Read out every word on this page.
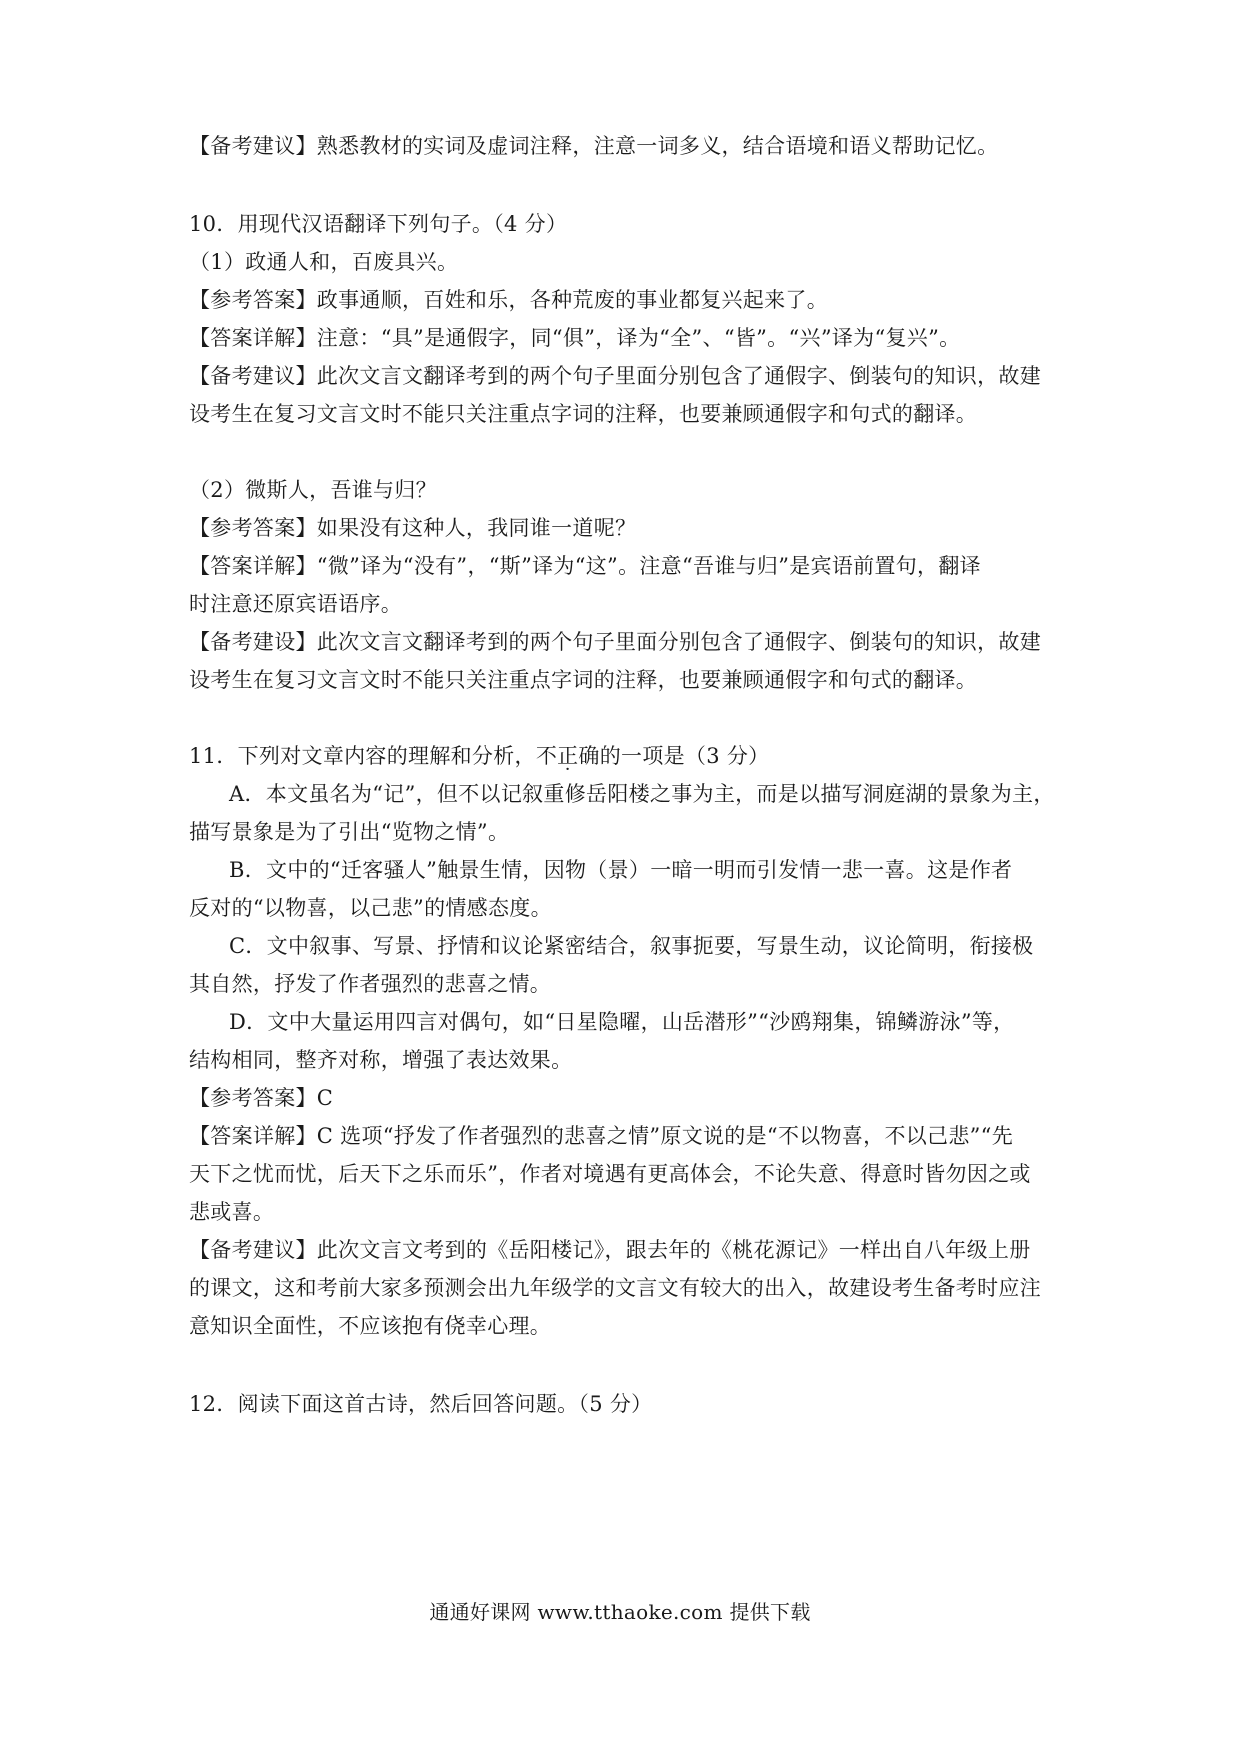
【备考建议】熟悉教材的实词及虚词注释，注意一词多义，结合语境和语义帮助记忆。
10．用现代汉语翻译下列句子。（4 分）
（1）政通人和，百废具兴。
【参考答案】政事通顺，百姓和乐，各种荒废的事业都复兴起来了。
【答案详解】注意：“具”是通假字，同“俱”，译为“全”、“皆”。“兴”译为“复兴”。
【备考建议】此次文言文翻译考到的两个句子里面分别包含了通假字、倒装句的知识，故建
设考生在复习文言文时不能只关注重点字词的注释，也要兼顾通假字和句式的翻译。
（2）微斯人，吾谁与归？
【参考答案】如果没有这种人，我同谁一道呢？
【答案详解】“微”译为“没有”，“斯”译为“这”。注意“吾谁与归”是宾语前置句，翻译
时注意还原宾语语序。
【备考建设】此次文言文翻译考到的两个句子里面分别包含了通假字、倒装句的知识，故建
设考生在复习文言文时不能只关注重点字词的注释，也要兼顾通假字和句式的翻译。
11．下列对文章内容的理解和分析，不正确的一项是（3 分）
A．本文虽名为“记”，但不以记叙重修岳阳楼之事为主，而是以描写洞庭湖的景象为主，
描写景象是为了引出“览物之情”。
B．文中的“迁客骚人”触景生情，因物（景）一暗一明而引发情一悲一喜。这是作者
反对的“以物喜，以己悲”的情感态度。
C．文中叙事、写景、抒情和议论紧密结合，叙事扼要，写景生动，议论简明，衔接极
其自然，抒发了作者强烈的悲喜之情。
D．文中大量运用四言对偶句，如“日星隐曜，山岳潜形”“沙鸥翔集，锦鳞游泳”等，
结构相同，整齐对称，增强了表达效果。
【参考答案】C
【答案详解】C 选项“抒发了作者强烈的悲喜之情”原文说的是“不以物喜，不以己悲”“先
天下之忧而忧，后天下之乐而乐”，作者对境遇有更高体会，不论失意、得意时皆勿因之或
悲或喜。
【备考建议】此次文言文考到的《岳阳楼记》，跟去年的《桃花源记》一样出自八年级上册
的课文，这和考前大家多预测会出九年级学的文言文有较大的出入，故建设考生备考时应注
意知识全面性，不应该抱有侥幸心理。
12．阅读下面这首古诗，然后回答问题。（5 分）
通通好课网 www.tthaoke.com 提供下载
